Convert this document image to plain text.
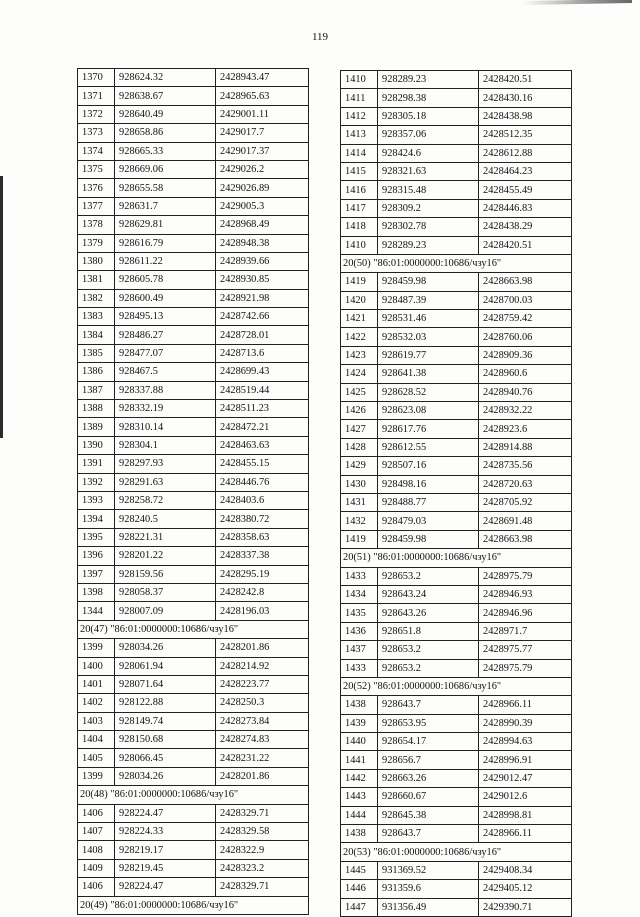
119
1370	928624.32	2428943.47
1371	928638.67	2428965.63
1372	928640.49	2429001.11
1373	928658.86	2429017.7
1374	928665.33	2429017.37
1375	928669.06	2429026.2
1376	928655.58	2429026.89
1377	928631.7	2429005.3
1378	928629.81	2428968.49
1379	928616.79	2428948.38
1380	928611.22	2428939.66
1381	928605.78	2428930.85
1382	928600.49	2428921.98
1383	928495.13	2428742.66
1384	928486.27	2428728.01
1385	928477.07	2428713.6
1386	928467.5	2428699.43
1387	928337.88	2428519.44
1388	928332.19	2428511.23
1389	928310.14	2428472.21
1390	928304.1	2428463.63
1391	928297.93	2428455.15
1392	928291.63	2428446.76
1393	928258.72	2428403.6
1394	928240.5	2428380.72
1395	928221.31	2428358.63
1396	928201.22	2428337.38
1397	928159.56	2428295.19
1398	928058.37	2428242.8
1344	928007.09	2428196.03
20(47) "86:01:0000000:10686/чзу16"		
1399	928034.26	2428201.86
1400	928061.94	2428214.92
1401	928071.64	2428223.77
1402	928122.88	2428250.3
1403	928149.74	2428273.84
1404	928150.68	2428274.83
1405	928066.45	2428231.22
1399	928034.26	2428201.86
20(48) "86:01:0000000:10686/чзу16"		
1406	928224.47	2428329.71
1407	928224.33	2428329.58
1408	928219.17	2428322.9
1409	928219.45	2428323.2
1406	928224.47	2428329.71
20(49) "86:01:0000000:10686/чзу16"		
1410	928289.23	2428420.51
1411	928298.38	2428430.16
1412	928305.18	2428438.98
1413	928357.06	2428512.35
1414	928424.6	2428612.88
1415	928321.63	2428464.23
1416	928315.48	2428455.49
1417	928309.2	2428446.83
1418	928302.78	2428438.29
1410	928289.23	2428420.51
20(50) "86:01:0000000:10686/чзу16"		
1419	928459.98	2428663.98
1420	928487.39	2428700.03
1421	928531.46	2428759.42
1422	928532.03	2428760.06
1423	928619.77	2428909.36
1424	928641.38	2428960.6
1425	928628.52	2428940.76
1426	928623.08	2428932.22
1427	928617.76	2428923.6
1428	928612.55	2428914.88
1429	928507.16	2428735.56
1430	928498.16	2428720.63
1431	928488.77	2428705.92
1432	928479.03	2428691.48
1419	928459.98	2428663.98
20(51) "86:01:0000000:10686/чзу16"		
1433	928653.2	2428975.79
1434	928643.24	2428946.93
1435	928643.26	2428946.96
1436	928651.8	2428971.7
1437	928653.2	2428975.77
1433	928653.2	2428975.79
20(52) "86:01:0000000:10686/чзу16"		
1438	928643.7	2428966.11
1439	928653.95	2428990.39
1440	928654.17	2428994.63
1441	928656.7	2428996.91
1442	928663.26	2429012.47
1443	928660.67	2429012.6
1444	928645.38	2428998.81
1438	928643.7	2428966.11
20(53) "86:01:0000000:10686/чзу16"		
1445	931369.52	2429408.34
1446	931359.6	2429405.12
1447	931356.49	2429390.71
